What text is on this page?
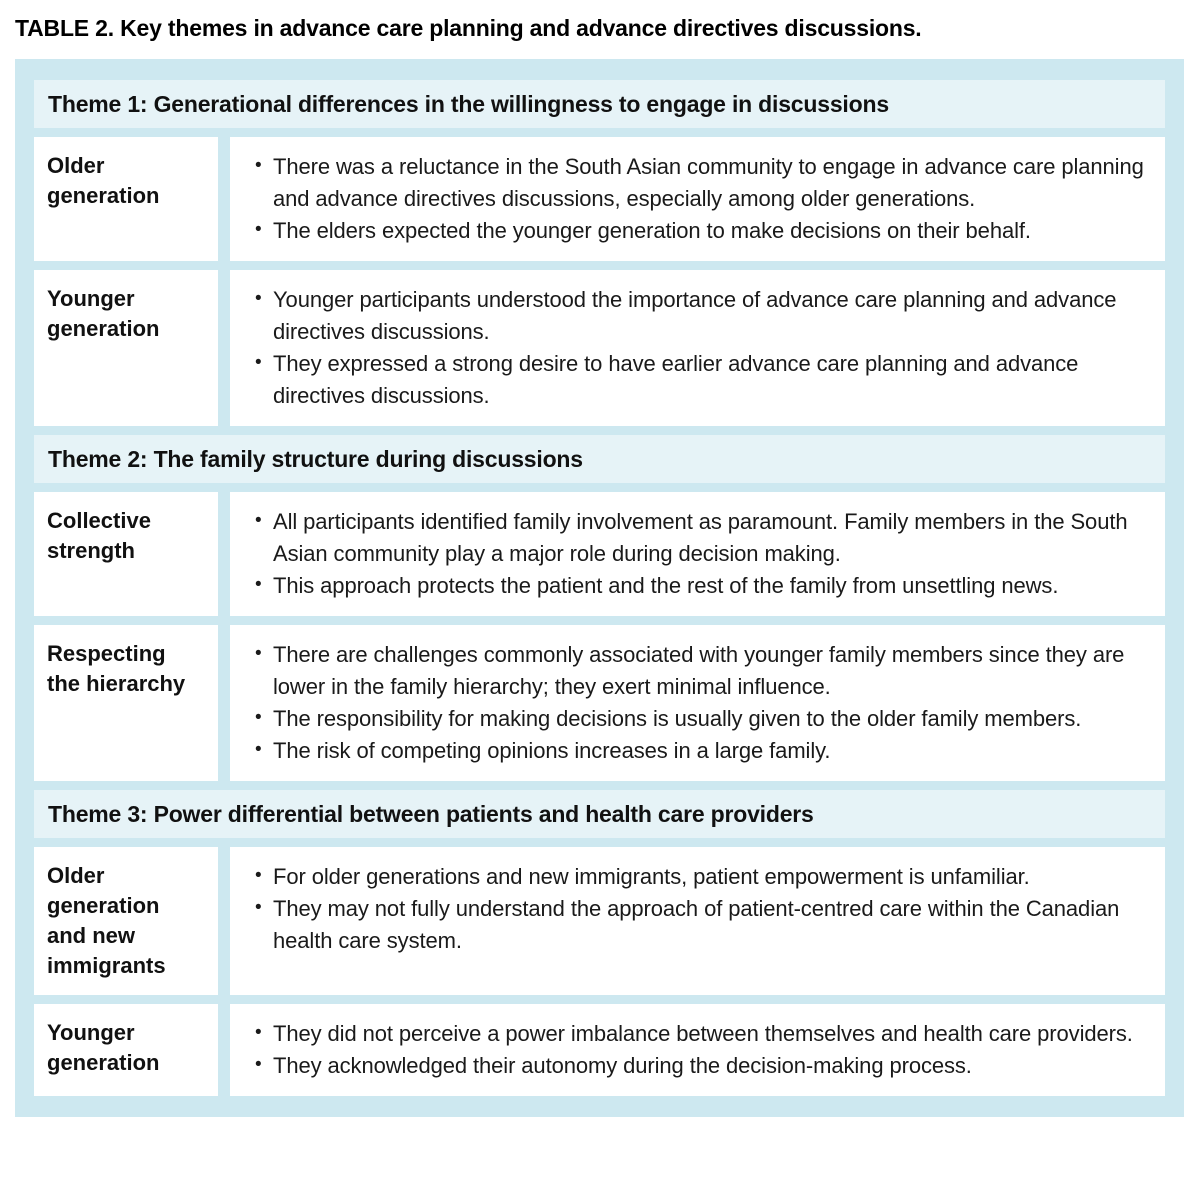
TABLE 2. Key themes in advance care planning and advance directives discussions.
Theme 1: Generational differences in the willingness to engage in discussions
Older generation
• There was a reluctance in the South Asian community to engage in advance care planning and advance directives discussions, especially among older generations.
• The elders expected the younger generation to make decisions on their behalf.
Younger generation
• Younger participants understood the importance of advance care planning and advance directives discussions.
• They expressed a strong desire to have earlier advance care planning and advance directives discussions.
Theme 2: The family structure during discussions
Collective strength
• All participants identified family involvement as paramount. Family members in the South Asian community play a major role during decision making.
• This approach protects the patient and the rest of the family from unsettling news.
Respecting the hierarchy
• There are challenges commonly associated with younger family members since they are lower in the family hierarchy; they exert minimal influence.
• The responsibility for making decisions is usually given to the older family members.
• The risk of competing opinions increases in a large family.
Theme 3: Power differential between patients and health care providers
Older generation and new immigrants
• For older generations and new immigrants, patient empowerment is unfamiliar.
• They may not fully understand the approach of patient-centred care within the Canadian health care system.
Younger generation
• They did not perceive a power imbalance between themselves and health care providers.
• They acknowledged their autonomy during the decision-making process.
